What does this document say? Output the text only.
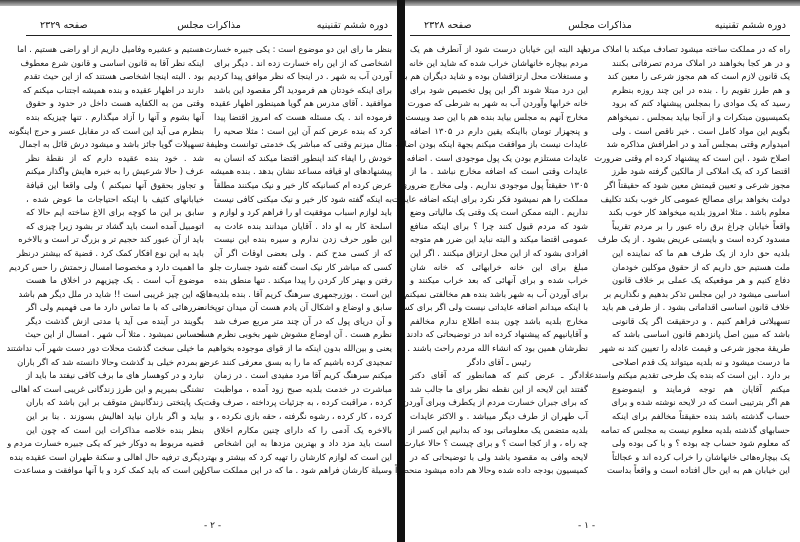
دوره ششم تقنینیه
مذاکرات مجلس
صفحه ۲۳۲۹
بنظر ما رای این دو موضوع است : یکی جبیره خسارت
اشخاصی که از این راه خسارت زده اند . دیگر برای
آوردن آب به شهر . در اینجا که نظر موافق پیدا کردیم
برای اینکه خودتان هم فرمودید اگر مقصود این باشد
موافقید . آقای مدرس هم گویا همینطور اظهار عقیده
فرموده اند . یک مسئله هست که امروز اقتضا پیدا
کرد که بنده عرض کنم آن این است : مثلا صحیه را
مثال میزنم وقتی که مباشر یک خدمتی توانست وظیفة
خودش را ایفاء کند اینطور اقتضا میکند که انسان به
پیشنهادهای او قیافه مساعد نشان بدهد . بنده همیشه
عرض کرده ام کسانیکه کار خیر و نیک میکنند مطلقاً
به اینکه گفته شود کار خیر و نیک میکنی کافی نیست
باید لوازم اسباب موفقیت او را فراهم کرد و لوازم و
اسلحة کار به او داد . آقایان میدانند بنده عادت به
این طور حرف زدن ندارم و سیره بنده این نیست
که از کسی مدح کنم . ولی بعضی اوقات اگر آن
کسی که مباشر کار نیک است گفته شود جسارت جلو
رفتن و بهتر کار کردن را پیدا میکند . تنها منطق بنده
این است . بوزرجمهری سرهنگ کریم آقا . بنده بلدیه‌های
سابق و اوضاع و اشکال آن یادم هست آن میدان توپخانه
و آن دریای پول که در آن چند متر مربع صرف شد
نظرم هست . آن اوضاع مشوش شهر بخوبی نظرم هست
یعنی و بین‌الله بدون اینکه ما از قوای موجوده بخواهیم
تمجیدی کرده باشیم که ما را به بسق معرفی کنند عرض
میکنم سرهنگ کریم آقا مرد مفیدی است . در زمان
مباشرت در خدمت بلدیه صبح زود آمده ، مواظبت
کرده ، مراقبت کرده ، به جزئیات پرداخته ، صرف وقت
کرده ، کار کرده ، رشوه نگرفته ، حقه بازی نکرده ، و
بالاخره یک آدمی را که دارای چنین مکارم اخلاق
است باید مزد داد و بهترین مزدها به این اشخاص
این است که لوازم کارشان را تهیه کرد که بیشتر و بهتر
وسیلة کارشان فراهم شود . ما که در این مملکت ساکن
هستیم و عشیره وفامیل داریم از او راضی هستیم . اما
اینکه نظر آقا به قانون اساسی و قانون شرع معطوف
بود . البته اینجا اشخاصی هستند که از این حیث تقدم
دارند در اظهار عقیده و بنده همیشه اجتناب میکنم که
وقتی من به الکفایه هست داخل در حدود و حقوق
آنها بشوم و آنها را آزاد میگذارم . تنها چیزیکه بنده
بنظرم می آید این است که در مقابل عسر و حرج اینگونه
تسهیلات گویا جائز باشد و میشود درش قائل به اجمال
شد . خود بنده عقیده دارم که از نقطة نظر
عرف ( حالا شرعیش را به خبره هایش واگذار میکنم
و تجاوز بحقوق آنها نمیکنم ) ولی واقعا این قیافة
خیابانهای کثیف با اینکه احتیاجات ما عوض شده ،
سابق بر این ما کوچه برای الاغ ساخته ایم حالا که
اتومبیل آمده است باید گشاد تر بشود زیرا چیزی که
باید از آن عبور کند حجیم تر و بزرگ تر است و بالاخره
باید به این نوع افکار کمک کرد . قضیة که بیشتر درنظر
ما اهمیت دارد و مخصوصا امسال زحمتش را حس کردیم
موضوع آب است . یک چیزیهم در اخلاق ما هست
که این چیز غریبی است !! شاید در ملل دیگر هم باشد
ضررهائی که با ما تماس دارد ما می فهمیم ولی اگر
بگویند در آینده می آید یا مدتی ازش گذشت دیگر
احساس نمیشود . مثلا آب شهر . امسال از این حیث
ما خیلی سخت گذشت محلات دور دست شهر آب نداشتند
و بمردم خیلی بد گذشت وحالا دانسته شد که اگر باران
نبارد و در کوهسار های ما برف کافی نیفتد ما باید از
تشنگی بمیریم و این طرز زندگانی غریبی است که اهالی
یک پایتختی زندگانیش متوقف بر این باشد که باران
بیاید و اگر باران نیاید اهالیش بسوزند . بنا بر این
بنظر بنده خلاصه مذاکرات این است که چون این
قضیه مربوط به دوکار خیر که یکی جبیره خسارت مردم و
دیگری ترفیه حال اهالی و سکنة طهران است عقیده بنده
این است که باید کمک کرد و با آنها موافقت و مساعدت
- ۲ -
دوره ششم تقنینیه
مذاکرات مجلس
صفحه ۲۳۲۸
راه که در مملکت ساخته میشود تصادف میکند با املاک مردم
و در هر کجا بخواهند در املاک مردم تصرفاتی بکنند
یک قانون لازم است که هم مجوز شرعی را معین کند
و هم طرز تقویم را . بنده در این چند روزه بنظرم
رسید که یک موادی را بمجلس پیشنهاد کنم که برود
بکمیسیون مبتکرات و از آنجا بیاید بمجلس . نمیخواهم
بگویم این مواد کامل است . خیر ناقص است . ولی
امیدوارم وقتی بمجلس آمد و در اطرافش مذاکره شد
اصلاح شود . این است که پیشنهاد کرده ام وقتی ضرورت
اقتضا کرد که یک املاکی از مالکین گرفته شود طرز
مجوز شرعی و تعیین قیمتش معین شود که حقیقتاً اگر
دولت بخواهد برای مصالح عمومی کار خوب بکند تکلیف
معلوم باشد . مثلا امروز بلدیه میخواهد کار خوب بکند
واقعاً خیابان چراغ برق راه عبور را بر مردم تقریباً
مسدود کرده است و بایستی عریض بشود . از یک طرف
بلدیه حق دارد از یک طرف هم ما که نماینده این
ملت هستیم حق داریم که از حقوق موکلین خودمان
دفاع کنیم و هر موقعیکه یک عملی بر خلاف قانون
اساسی میشود در این مجلس تذکر بدهیم و نگذاریم بر
خلاف قانون اساسی اقداماتی بشود . از طرفی هم باید
تسهیلاتی فراهم کنیم . و درحقیقت اگر یک قانونی
باشد که مبین اصل پانزدهم قانون اساسی باشد که
طریقة مجوز شرعی و قیمت عادله را تعیین کند نه شهر
ما درست میشود و نه بلدیه میتواند یک قدم اصلاحی
بر دارد . این است که بنده یک طرحی تقدیم میکنم واستدعا
میکنم آقایان هم توجه فرمایند و اینموضوع
هم اگر بترتیبی است که در لایحه نوشته شده و برای
حساب گذشته باشد بنده حقیقتاً مخالفم برای اینکه
حسابهای گذشته بلدیه معلوم نیست به مجلس که تمامه
که معلوم شود حساب چه بوده ؟ و با کی بوده ولی
یک بیچاره‌هائی خانهاشان را خراب کرده اند و عجالتاً
این خیابان هم به این حال افتاده است و واقعاً بداست
باید البته این خیابان درست شود از آنطرف هم یک
مردم بیچاره خانهاشان خراب شده که شاید این خانه
و مستغلات محل ارتزاقشان بوده و شاید دیگران هم به
این درد مبتلا شوند اگر این پول تخصیص شود برای
خانه خرابها وآوردن آب به شهر به شرطی که صورت
مخارج آنهم به مجلس بیاید بنده هم با این صد وبیست
و پنجهزار تومان بااینکه یقین دارم در ۱۳۰۵ اضافه
عایدات نیست باز موافقت میکنم بجهة اینکه بودن اضافه
عایدات مستلزم بودن یک پول موجودی است . اضافه
عایدات وقتی است که اضافه مخارج نباشد . ما از
۱۳۰۵ حقیقتاً پول موجودی نداریم . ولی مخارج ضروری
مملکت را هم نمیشود فکر نکرد برای اینکه اضافه عایدات
نداریم . البته ممکن است یک وقتی یک مالیاتی وضع
شود که مردم قبول کنند چرا ؟ برای اینکه منافع
عمومی اقتضا میکند و البته نباید این ضرر هم متوجه
افرادی بشود که از این محل ارتزاق میکنند . اگر این
مبلغ برای این خانه خرابهائی که خانه شان
خراب شده و برای آنهائی که بعد خراب میکنند و
برای آوردن آب به شهر باشد بنده هم مخالفتی نمیکنم
با اینکه میدانم اضافه عایداتی نیست ولی اگر برای کسر
مخارج بلدیه باشد چون بنده اطلاع ندارم مخالفم
و آقایانیهم که پیشنهاد کرده اند در توضیحاتی که دادند
نظرشان همین بود که انشاء الله مردم راحت باشند .
رئیس ـ آقای دادگر
دادگر ـ عرض کنم که همانطور که آقای دکتر
گفتند این لایحه از این نقطه نظر برای ما جالب شد
که برای جبران خسارت مردم از یکطرف وبرای آوردن
آب طهران از طرف دیگر میباشد . و الاکثر عایدات
بلدیه متضمن یک معلوماتی بود که بدانیم این کسر از
چه راه ، و از کجا است ؟ و برای چیست ؟ حالا عبارت
لایحه وافی به مقصود باشد ولی با توضیحاتی که در
کمیسیون بودجه داده شده وحالا هم داده میشود منحصراً
- ۱ -
